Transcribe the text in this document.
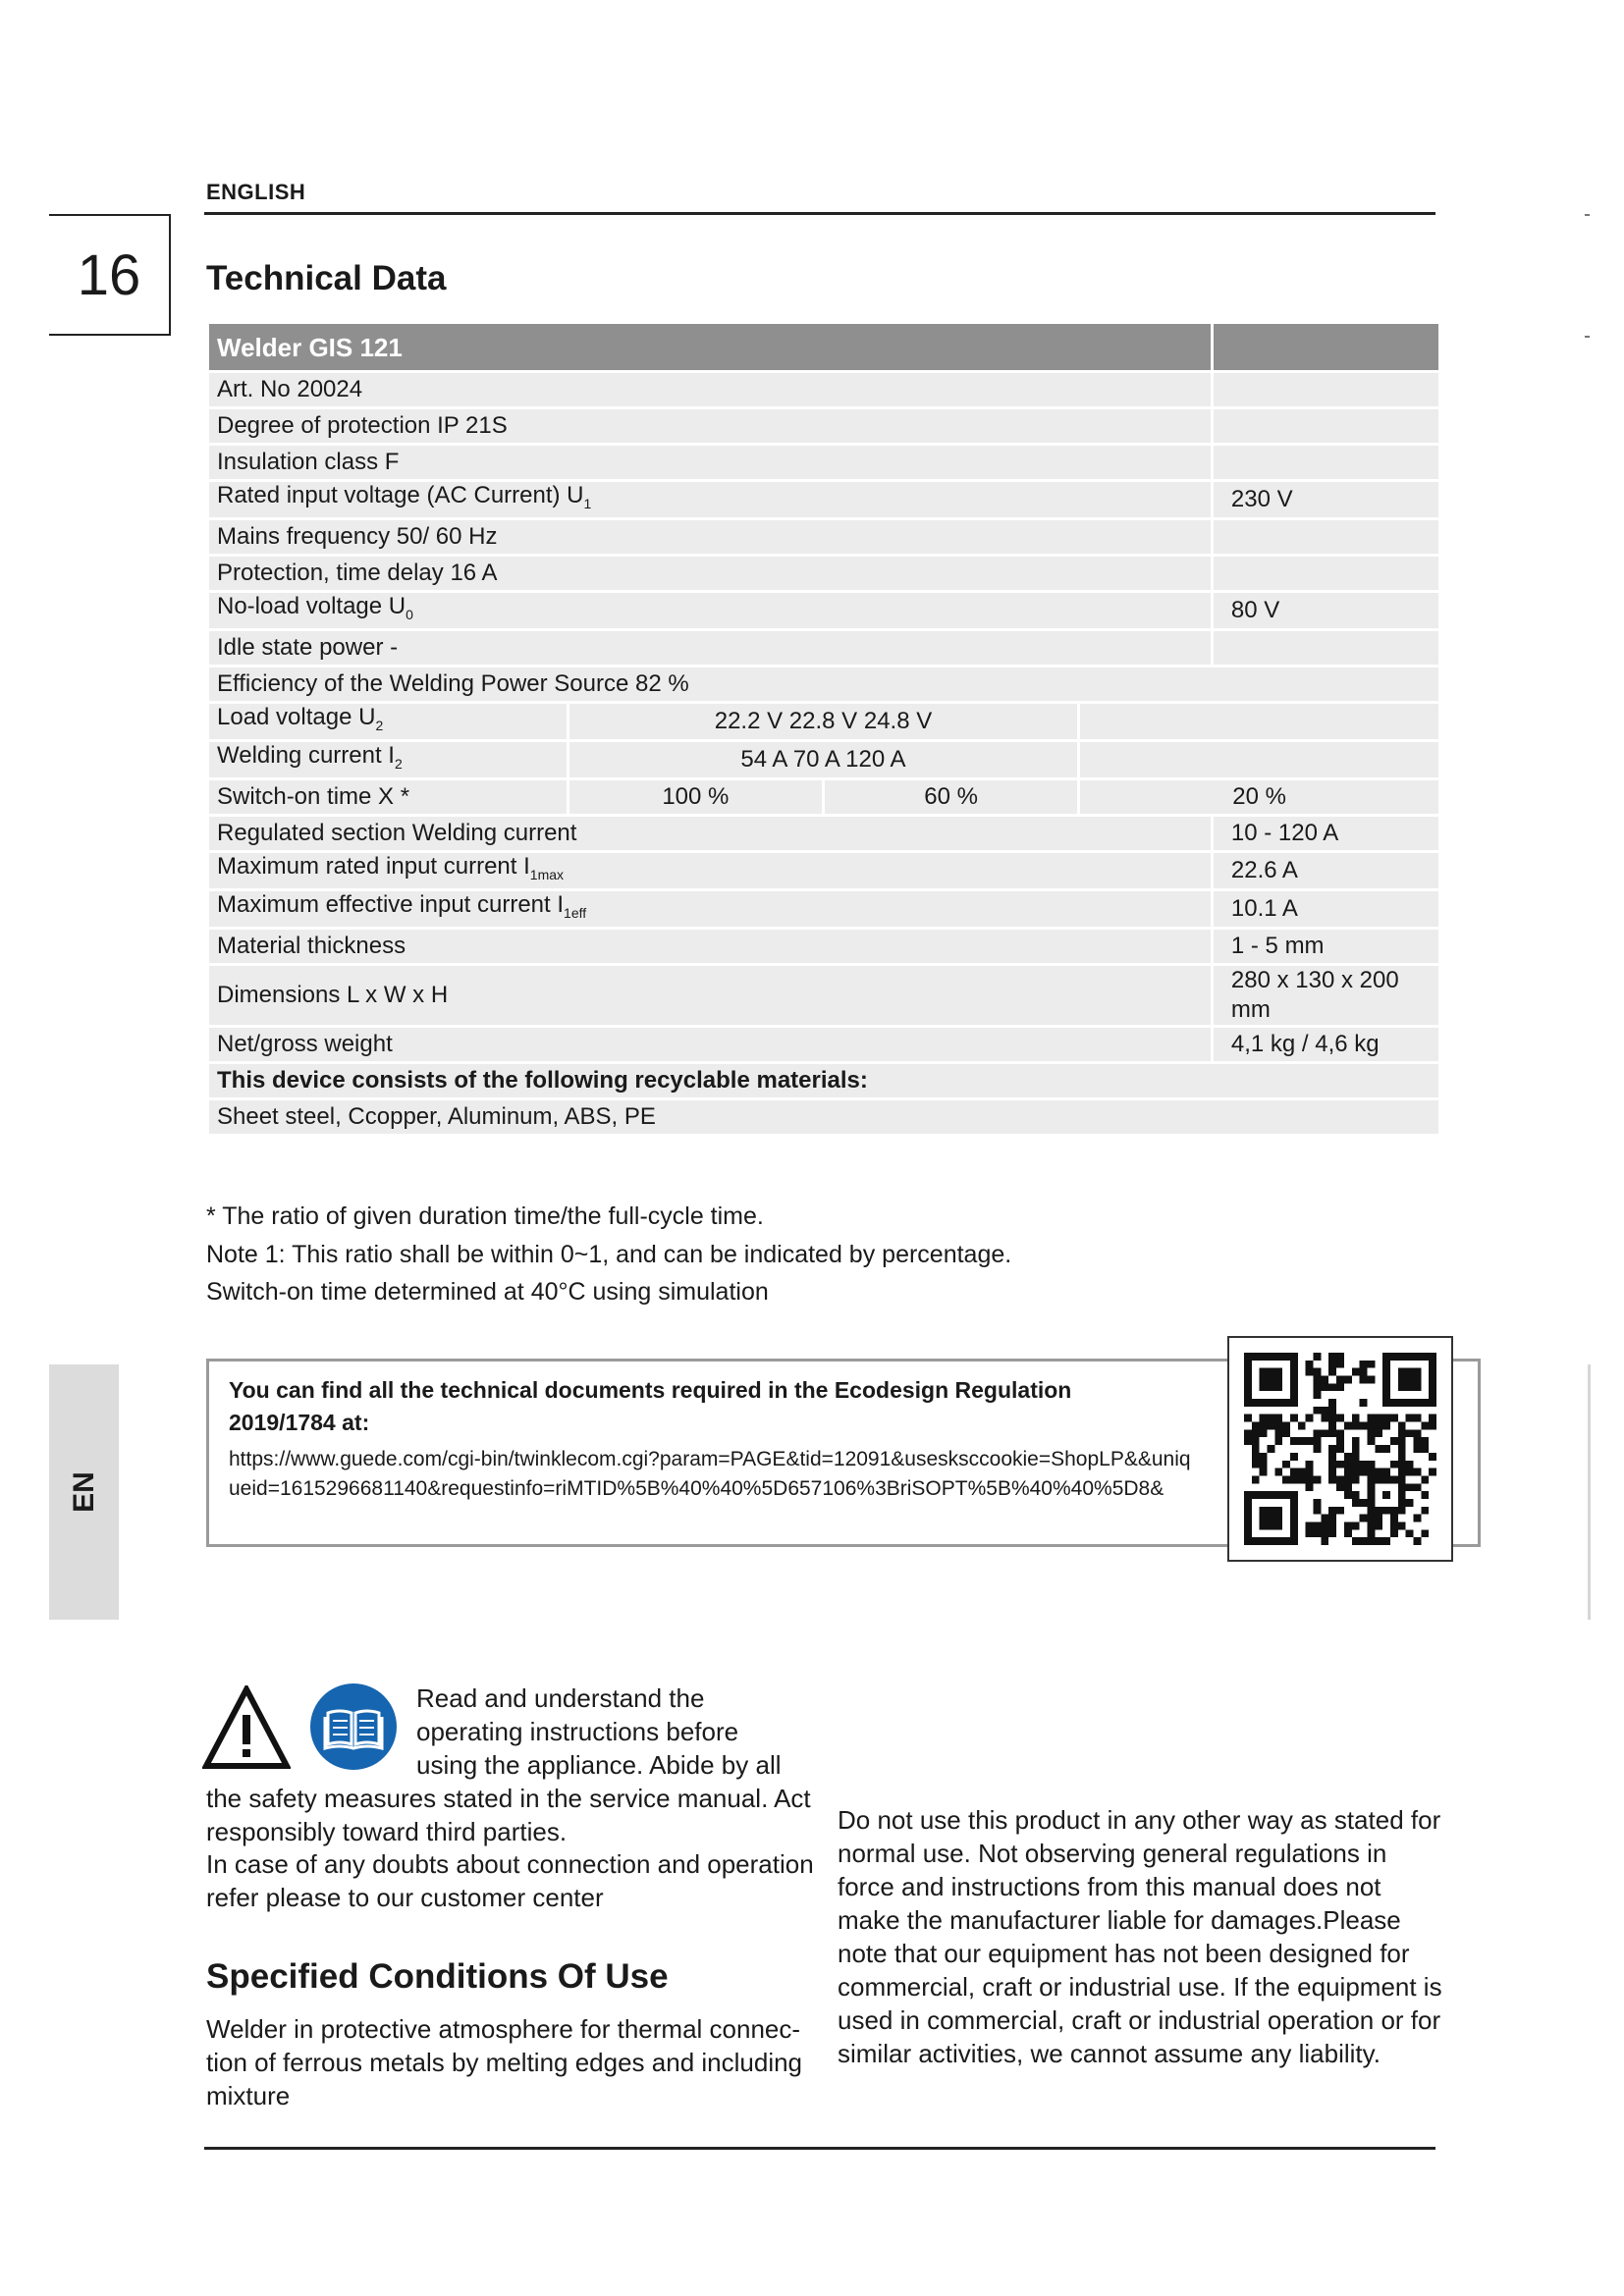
ENGLISH
16	Technical Data
Welder GIS 121				
Art. No 20024				
Degree of protection IP 21S				
Insulation class F				
Rated input voltage (AC Current) $U_1$				230 V
Mains frequency 50/ 60 Hz				
Protection, time delay 16 A				
No-load voltage $U_0$				80 V
Idle state power -				
Efficiency of the Welding Power Source 82 %				
Load voltage $U_2$	22.2 V 22.8 V 24.8 V			
Welding current $I_2$	54 A 70 A 120 A			
Switch-on time X *	100 %	60 %	20 %	
Regulated section Welding current				10 - 120 A
Maximum rated input current $I_{1max}$				22.6 A
Maximum effective input current $I_{1eff}$				10.1 A
Material thickness				1 - 5 mm
Dimensions L x W x H				280 x 130 x 200 mm
Net/gross weight				4,1 kg / 4,6 kg
This device consists of the following recyclable materials:				
Sheet steel, Ccopper, Aluminum, ABS, PE				
* The ratio of given duration time/the full-cycle time.
Note 1: This ratio shall be within 0~1, and can be indicated by percentage.
Switch-on time determined at 40°C using simulation
EN
You can find all the technical documents required in the Ecodesign Regulation 2019/1784 at:
https://www.guede.com/cgi-bin/twinklecom.cgi?param=PAGE&tid=12091&usesksccookie=ShopLP&&uniqueid=1615296681140&requestinfo=riMTID%5B%40%40%5D657106%3BriSOPT%5B%40%40%5D8&
Read and understand the operating instructions before using the appliance. Abide by all
the safety measures stated in the service manual. Act responsibly toward third parties.
In case of any doubts about connection and operation refer please to our customer center
Specified Conditions Of Use
Welder in protective atmosphere for thermal connec-tion of ferrous metals by melting edges and including mixture
Do not use this product in any other way as stated for normal use. Not observing general regulations in force and instructions from this manual does not make the manufacturer liable for damages.Please note that our equipment has not been designed for commercial, craft or industrial use. If the equipment is used in commercial, craft or industrial operation or for similar activities, we cannot assume any liability.
